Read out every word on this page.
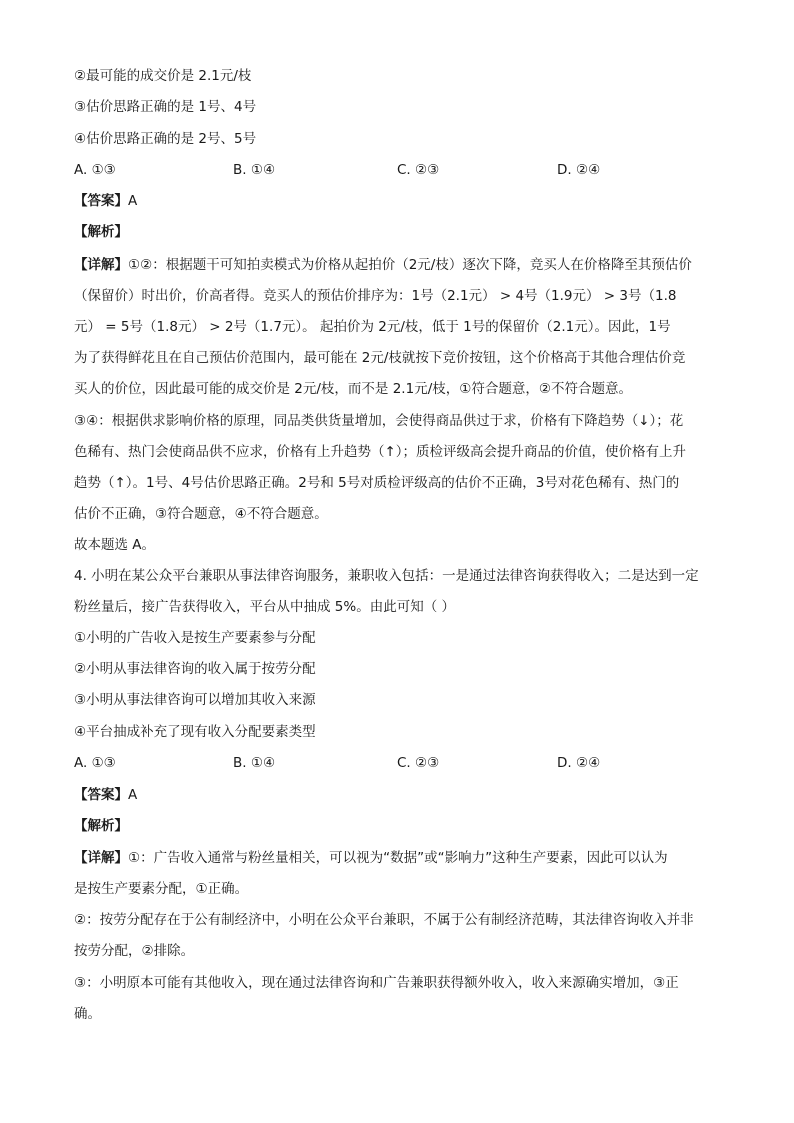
②最可能的成交价是 2.1元/枝
③估价思路正确的是 1号、4号
④估价思路正确的是 2号、5号
A. ①③	B. ①④	C. ②③	D. ②④
【答案】A
【解析】
【详解】①②：根据题干可知拍卖模式为价格从起拍价（2元/枝）逐次下降，竞买人在价格降至其预估价
（保留价）时出价，价高者得。竞买人的预估价排序为：1号（2.1元） > 4号（1.9元） > 3号（1.8
元） = 5号（1.8元） > 2号（1.7元）。 起拍价为 2元/枝，低于 1号的保留价（2.1元）。因此，1号
为了获得鲜花且在自己预估价范围内，最可能在 2元/枝就按下竞价按钮，这个价格高于其他合理估价竞
买人的价位，因此最可能的成交价是 2元/枝，而不是 2.1元/枝，①符合题意，②不符合题意。
③④：根据供求影响价格的原理，同品类供货量增加，会使得商品供过于求，价格有下降趋势（↓）；花
色稀有、热门会使商品供不应求，价格有上升趋势（↑）；质检评级高会提升商品的价值，使价格有上升
趋势（↑）。1号、4号估价思路正确。2号和 5号对质检评级高的估价不正确，3号对花色稀有、热门的
估价不正确，③符合题意，④不符合题意。
故本题选 A。
4. 小明在某公众平台兼职从事法律咨询服务，兼职收入包括：一是通过法律咨询获得收入；二是达到一定
粉丝量后，接广告获得收入，平台从中抽成 5%。由此可知（ ）
①小明的广告收入是按生产要素参与分配
②小明从事法律咨询的收入属于按劳分配
③小明从事法律咨询可以增加其收入来源
④平台抽成补充了现有收入分配要素类型
A. ①③	B. ①④	C. ②③	D. ②④
【答案】A
【解析】
【详解】①：广告收入通常与粉丝量相关，可以视为“数据”或“影响力”这种生产要素，因此可以认为
是按生产要素分配，①正确。
②：按劳分配存在于公有制经济中，小明在公众平台兼职，不属于公有制经济范畴，其法律咨询收入并非
按劳分配，②排除。
③：小明原本可能有其他收入，现在通过法律咨询和广告兼职获得额外收入，收入来源确实增加，③正
确。
